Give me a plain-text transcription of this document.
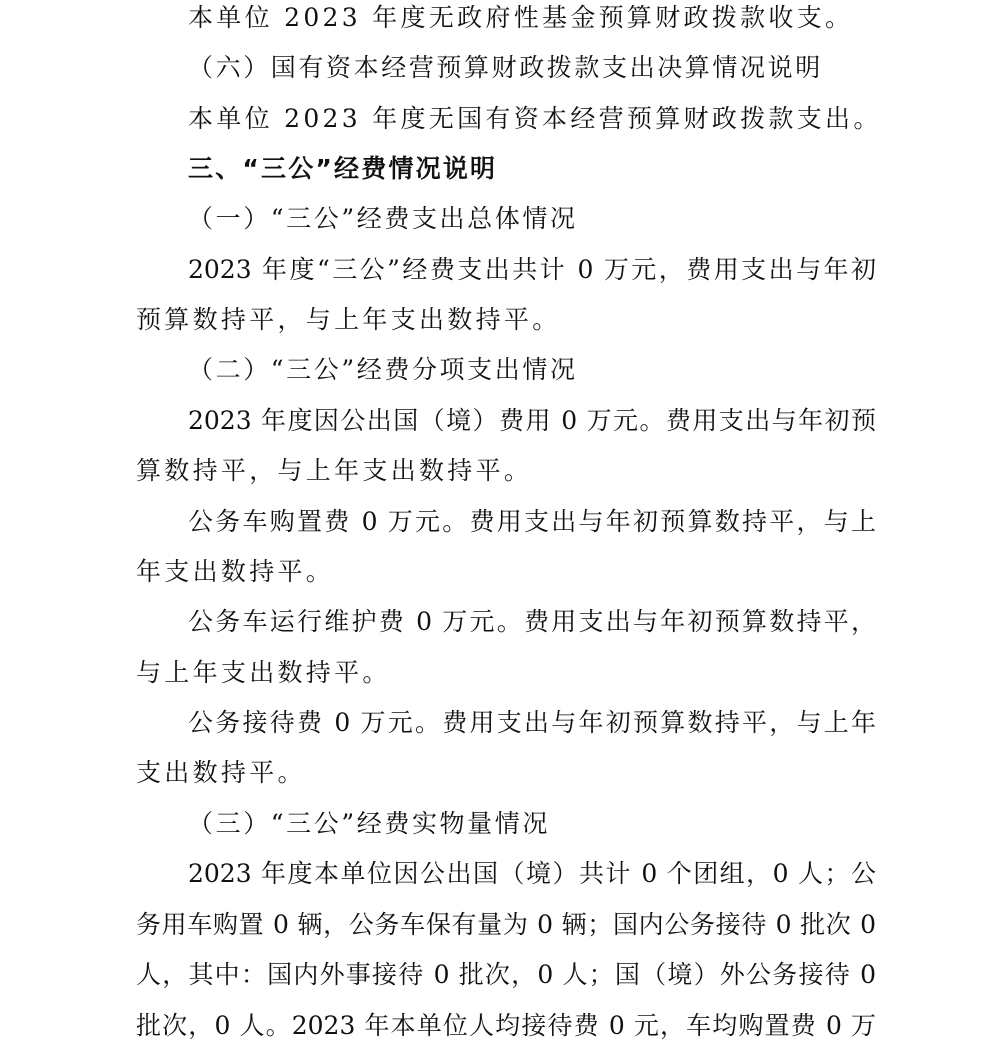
本单位 2023 年度无政府性基金预算财政拨款收支。
（六）国有资本经营预算财政拨款支出决算情况说明
本单位 2023 年度无国有资本经营预算财政拨款支出。
三、“三公”经费情况说明
（一）“三公”经费支出总体情况
2023 年度“三公”经费支出共计 0 万元，费用支出与年初
预算数持平，与上年支出数持平。
（二）“三公”经费分项支出情况
2023 年度因公出国（境）费用 0 万元。费用支出与年初预
算数持平，与上年支出数持平。
公务车购置费 0 万元。费用支出与年初预算数持平，与上
年支出数持平。
公务车运行维护费 0 万元。费用支出与年初预算数持平，
与上年支出数持平。
公务接待费 0 万元。费用支出与年初预算数持平，与上年
支出数持平。
（三）“三公”经费实物量情况
2023 年度本单位因公出国（境）共计 0 个团组，0 人；公
务用车购置 0 辆，公务车保有量为 0 辆；国内公务接待 0 批次 0
人，其中：国内外事接待 0 批次，0 人；国（境）外公务接待 0
批次，0 人。2023 年本单位人均接待费 0 元，车均购置费 0 万
